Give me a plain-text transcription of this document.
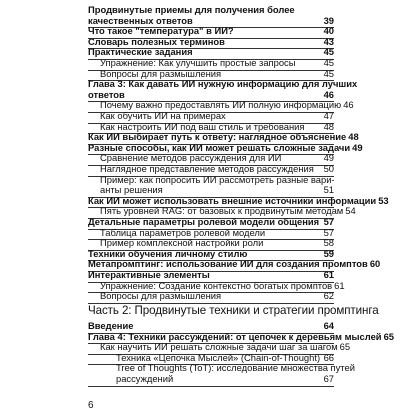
Продвинутые приемы для получения более
качественных ответов	39
Что такое "температура" в ИИ?	40
Словарь полезных терминов	43
Практические задания	45
Упражнение: Как улучшить простые запросы	45
Вопросы для размышления	45
Глава 3: Как давать ИИ нужную информацию для лучших
ответов	46
Почему важно предоставлять ИИ полную информацию 46
Как обучить ИИ на примерах	47
Как настроить ИИ под ваш стиль и требования 48
Как ИИ выбирает путь к ответу: наглядное объяснение 48
Разные способы, как ИИ может решать сложные задачи 49
Сравнение методов рассуждения для ИИ	49
Наглядное представление методов рассуждения 50
Пример: как попросить ИИ рассмотреть разные вари-
анты решения	51
Как ИИ может использовать внешние источники информации 53
Пять уровней RAG: от базовых к продвинутым методам 54
Детальные параметры ролевой модели общения 57
Таблица параметров ролевой модели	57
Пример комплексной настройки роли	58
Техники обучения личному стилю	59
Метапромптинг: использование ИИ для создания промптов 60
Интерактивные элементы	61
Упражнение: Создание контекстно богатых промптов 61
Вопросы для размышления	62
Часть 2: Продвинутые техники и стратегии промптинга
Введение	64
Глава 4: Техники рассуждений: от цепочек к деревьям мыслей 65
Как научить ИИ решать сложные задачи шаг за шагом 65
Техника «Цепочка Мыслей» (Chain-of-Thought) 66
Tree of Thoughts (ToT): исследование множества путей
рассуждений	67
6
